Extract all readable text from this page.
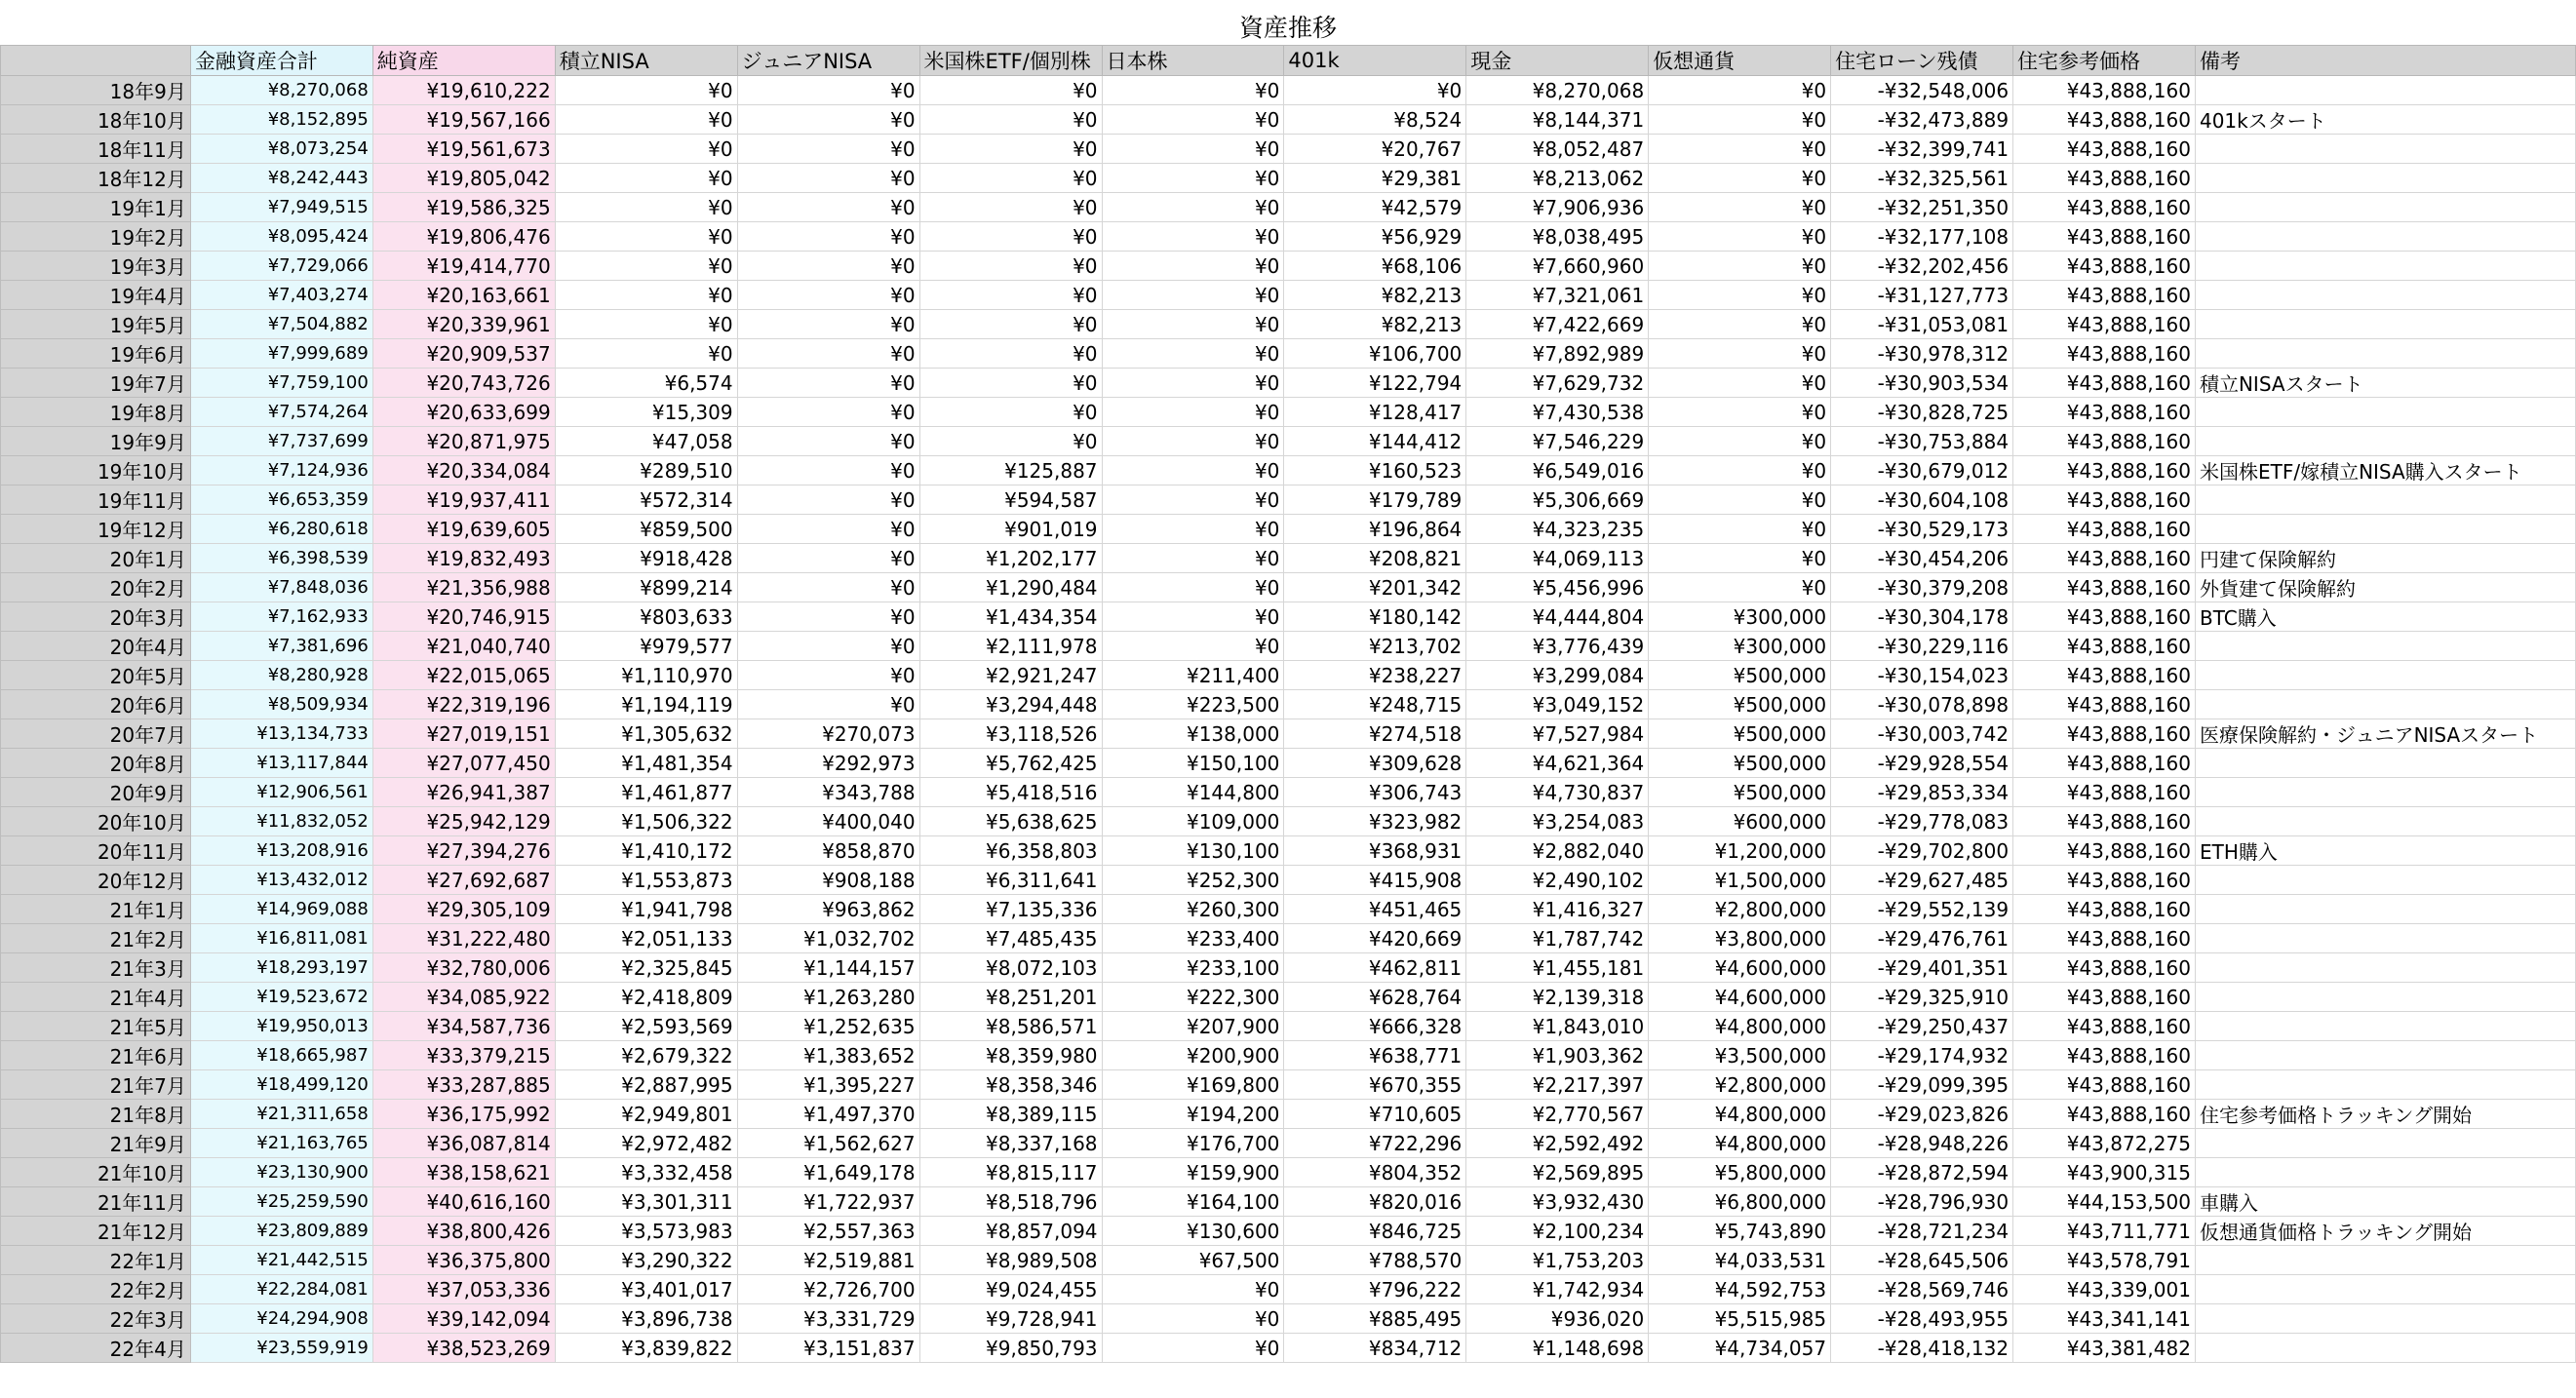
資産推移
	金融資産合計	純資産	積立NISA	ジュニアNISA	米国株ETF/個別株	日本株	401k	現金	仮想通貨	住宅ローン残債	住宅参考価格	備考
18年9月	¥8,270,068	¥19,610,222	¥0	¥0	¥0	¥0	¥0	¥8,270,068	¥0	-¥32,548,006	¥43,888,160	
18年10月	¥8,152,895	¥19,567,166	¥0	¥0	¥0	¥0	¥8,524	¥8,144,371	¥0	-¥32,473,889	¥43,888,160	401kスタート
18年11月	¥8,073,254	¥19,561,673	¥0	¥0	¥0	¥0	¥20,767	¥8,052,487	¥0	-¥32,399,741	¥43,888,160	
18年12月	¥8,242,443	¥19,805,042	¥0	¥0	¥0	¥0	¥29,381	¥8,213,062	¥0	-¥32,325,561	¥43,888,160	
19年1月	¥7,949,515	¥19,586,325	¥0	¥0	¥0	¥0	¥42,579	¥7,906,936	¥0	-¥32,251,350	¥43,888,160	
19年2月	¥8,095,424	¥19,806,476	¥0	¥0	¥0	¥0	¥56,929	¥8,038,495	¥0	-¥32,177,108	¥43,888,160	
19年3月	¥7,729,066	¥19,414,770	¥0	¥0	¥0	¥0	¥68,106	¥7,660,960	¥0	-¥32,202,456	¥43,888,160	
19年4月	¥7,403,274	¥20,163,661	¥0	¥0	¥0	¥0	¥82,213	¥7,321,061	¥0	-¥31,127,773	¥43,888,160	
19年5月	¥7,504,882	¥20,339,961	¥0	¥0	¥0	¥0	¥82,213	¥7,422,669	¥0	-¥31,053,081	¥43,888,160	
19年6月	¥7,999,689	¥20,909,537	¥0	¥0	¥0	¥0	¥106,700	¥7,892,989	¥0	-¥30,978,312	¥43,888,160	
19年7月	¥7,759,100	¥20,743,726	¥6,574	¥0	¥0	¥0	¥122,794	¥7,629,732	¥0	-¥30,903,534	¥43,888,160	積立NISAスタート
19年8月	¥7,574,264	¥20,633,699	¥15,309	¥0	¥0	¥0	¥128,417	¥7,430,538	¥0	-¥30,828,725	¥43,888,160	
19年9月	¥7,737,699	¥20,871,975	¥47,058	¥0	¥0	¥0	¥144,412	¥7,546,229	¥0	-¥30,753,884	¥43,888,160	
19年10月	¥7,124,936	¥20,334,084	¥289,510	¥0	¥125,887	¥0	¥160,523	¥6,549,016	¥0	-¥30,679,012	¥43,888,160	米国株ETF/嫁積立NISA購入スタート
19年11月	¥6,653,359	¥19,937,411	¥572,314	¥0	¥594,587	¥0	¥179,789	¥5,306,669	¥0	-¥30,604,108	¥43,888,160	
19年12月	¥6,280,618	¥19,639,605	¥859,500	¥0	¥901,019	¥0	¥196,864	¥4,323,235	¥0	-¥30,529,173	¥43,888,160	
20年1月	¥6,398,539	¥19,832,493	¥918,428	¥0	¥1,202,177	¥0	¥208,821	¥4,069,113	¥0	-¥30,454,206	¥43,888,160	円建て保険解約
20年2月	¥7,848,036	¥21,356,988	¥899,214	¥0	¥1,290,484	¥0	¥201,342	¥5,456,996	¥0	-¥30,379,208	¥43,888,160	外貨建て保険解約
20年3月	¥7,162,933	¥20,746,915	¥803,633	¥0	¥1,434,354	¥0	¥180,142	¥4,444,804	¥300,000	-¥30,304,178	¥43,888,160	BTC購入
20年4月	¥7,381,696	¥21,040,740	¥979,577	¥0	¥2,111,978	¥0	¥213,702	¥3,776,439	¥300,000	-¥30,229,116	¥43,888,160	
20年5月	¥8,280,928	¥22,015,065	¥1,110,970	¥0	¥2,921,247	¥211,400	¥238,227	¥3,299,084	¥500,000	-¥30,154,023	¥43,888,160	
20年6月	¥8,509,934	¥22,319,196	¥1,194,119	¥0	¥3,294,448	¥223,500	¥248,715	¥3,049,152	¥500,000	-¥30,078,898	¥43,888,160	
20年7月	¥13,134,733	¥27,019,151	¥1,305,632	¥270,073	¥3,118,526	¥138,000	¥274,518	¥7,527,984	¥500,000	-¥30,003,742	¥43,888,160	医療保険解約・ジュニアNISAスタート
20年8月	¥13,117,844	¥27,077,450	¥1,481,354	¥292,973	¥5,762,425	¥150,100	¥309,628	¥4,621,364	¥500,000	-¥29,928,554	¥43,888,160	
20年9月	¥12,906,561	¥26,941,387	¥1,461,877	¥343,788	¥5,418,516	¥144,800	¥306,743	¥4,730,837	¥500,000	-¥29,853,334	¥43,888,160	
20年10月	¥11,832,052	¥25,942,129	¥1,506,322	¥400,040	¥5,638,625	¥109,000	¥323,982	¥3,254,083	¥600,000	-¥29,778,083	¥43,888,160	
20年11月	¥13,208,916	¥27,394,276	¥1,410,172	¥858,870	¥6,358,803	¥130,100	¥368,931	¥2,882,040	¥1,200,000	-¥29,702,800	¥43,888,160	ETH購入
20年12月	¥13,432,012	¥27,692,687	¥1,553,873	¥908,188	¥6,311,641	¥252,300	¥415,908	¥2,490,102	¥1,500,000	-¥29,627,485	¥43,888,160	
21年1月	¥14,969,088	¥29,305,109	¥1,941,798	¥963,862	¥7,135,336	¥260,300	¥451,465	¥1,416,327	¥2,800,000	-¥29,552,139	¥43,888,160	
21年2月	¥16,811,081	¥31,222,480	¥2,051,133	¥1,032,702	¥7,485,435	¥233,400	¥420,669	¥1,787,742	¥3,800,000	-¥29,476,761	¥43,888,160	
21年3月	¥18,293,197	¥32,780,006	¥2,325,845	¥1,144,157	¥8,072,103	¥233,100	¥462,811	¥1,455,181	¥4,600,000	-¥29,401,351	¥43,888,160	
21年4月	¥19,523,672	¥34,085,922	¥2,418,809	¥1,263,280	¥8,251,201	¥222,300	¥628,764	¥2,139,318	¥4,600,000	-¥29,325,910	¥43,888,160	
21年5月	¥19,950,013	¥34,587,736	¥2,593,569	¥1,252,635	¥8,586,571	¥207,900	¥666,328	¥1,843,010	¥4,800,000	-¥29,250,437	¥43,888,160	
21年6月	¥18,665,987	¥33,379,215	¥2,679,322	¥1,383,652	¥8,359,980	¥200,900	¥638,771	¥1,903,362	¥3,500,000	-¥29,174,932	¥43,888,160	
21年7月	¥18,499,120	¥33,287,885	¥2,887,995	¥1,395,227	¥8,358,346	¥169,800	¥670,355	¥2,217,397	¥2,800,000	-¥29,099,395	¥43,888,160	
21年8月	¥21,311,658	¥36,175,992	¥2,949,801	¥1,497,370	¥8,389,115	¥194,200	¥710,605	¥2,770,567	¥4,800,000	-¥29,023,826	¥43,888,160	住宅参考価格トラッキング開始
21年9月	¥21,163,765	¥36,087,814	¥2,972,482	¥1,562,627	¥8,337,168	¥176,700	¥722,296	¥2,592,492	¥4,800,000	-¥28,948,226	¥43,872,275	
21年10月	¥23,130,900	¥38,158,621	¥3,332,458	¥1,649,178	¥8,815,117	¥159,900	¥804,352	¥2,569,895	¥5,800,000	-¥28,872,594	¥43,900,315	
21年11月	¥25,259,590	¥40,616,160	¥3,301,311	¥1,722,937	¥8,518,796	¥164,100	¥820,016	¥3,932,430	¥6,800,000	-¥28,796,930	¥44,153,500	車購入
21年12月	¥23,809,889	¥38,800,426	¥3,573,983	¥2,557,363	¥8,857,094	¥130,600	¥846,725	¥2,100,234	¥5,743,890	-¥28,721,234	¥43,711,771	仮想通貨価格トラッキング開始
22年1月	¥21,442,515	¥36,375,800	¥3,290,322	¥2,519,881	¥8,989,508	¥67,500	¥788,570	¥1,753,203	¥4,033,531	-¥28,645,506	¥43,578,791	
22年2月	¥22,284,081	¥37,053,336	¥3,401,017	¥2,726,700	¥9,024,455	¥0	¥796,222	¥1,742,934	¥4,592,753	-¥28,569,746	¥43,339,001	
22年3月	¥24,294,908	¥39,142,094	¥3,896,738	¥3,331,729	¥9,728,941	¥0	¥885,495	¥936,020	¥5,515,985	-¥28,493,955	¥43,341,141	
22年4月	¥23,559,919	¥38,523,269	¥3,839,822	¥3,151,837	¥9,850,793	¥0	¥834,712	¥1,148,698	¥4,734,057	-¥28,418,132	¥43,381,482	
